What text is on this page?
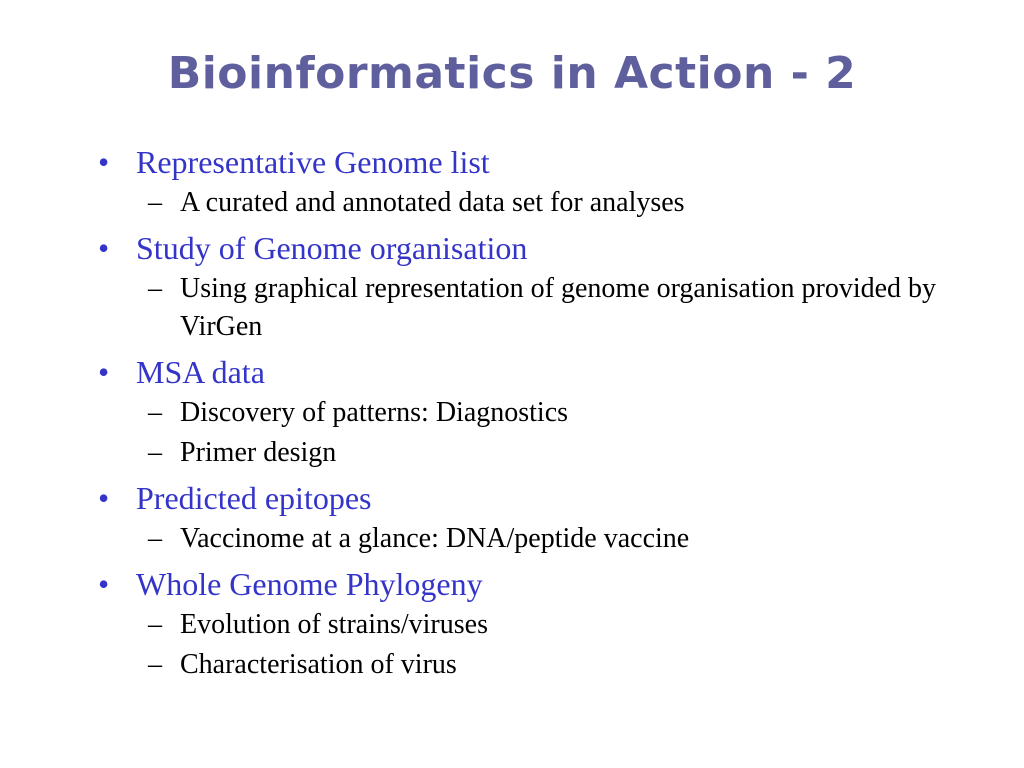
Bioinformatics in Action - 2
• Representative Genome list
– A curated and annotated data set for analyses
• Study of Genome organisation
– Using graphical representation of genome organisation provided by VirGen
• MSA data
– Discovery of patterns: Diagnostics
– Primer design
• Predicted epitopes
– Vaccinome at a glance: DNA/peptide vaccine
• Whole Genome Phylogeny
– Evolution of strains/viruses
– Characterisation of virus
